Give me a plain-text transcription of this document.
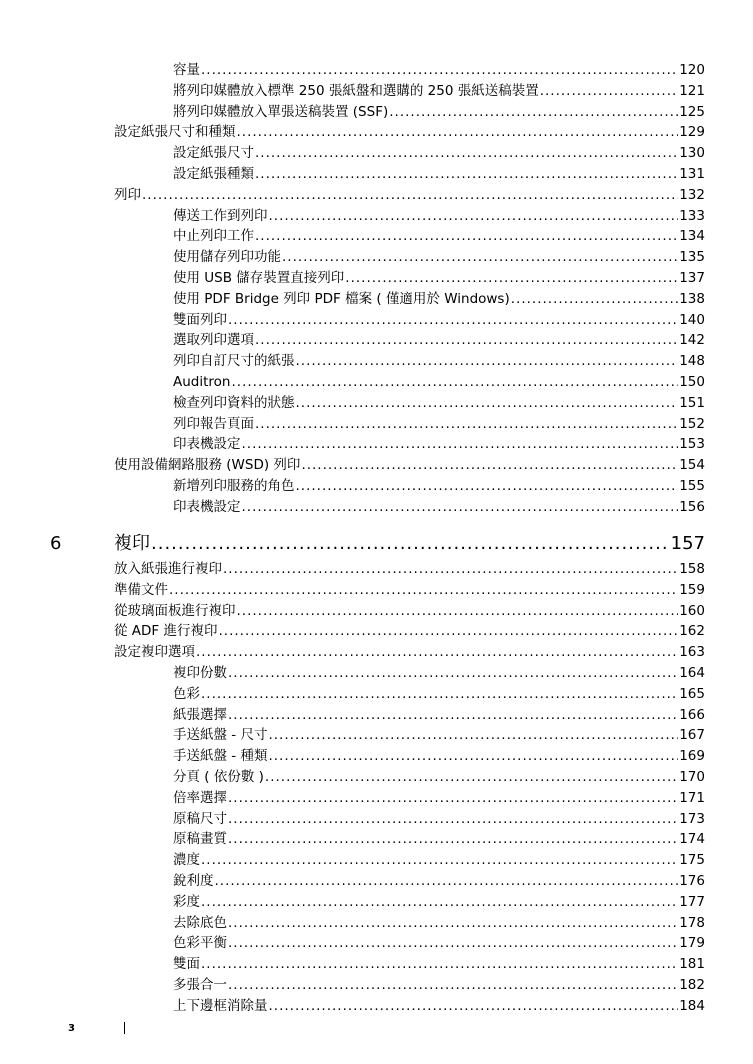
容量 .....	120
將列印媒體放入標準 250 張紙盤和選購的 250 張紙送稿裝置 .....	121
將列印媒體放入單張送稿裝置 (SSF) .....	125
設定紙張尺寸和種類 .....	129
設定紙張尺寸 .....	130
設定紙張種類 .....	131
列印 .....	132
傳送工作到列印 .....	133
中止列印工作 .....	134
使用儲存列印功能 .....	135
使用 USB 儲存裝置直接列印 .....	137
使用 PDF Bridge 列印 PDF 檔案 ( 僅適用於 Windows) .....	138
雙面列印 .....	140
選取列印選項 .....	142
列印自訂尺寸的紙張 .....	148
Auditron .....	150
檢查列印資料的狀態 .....	151
列印報告頁面 .....	152
印表機設定 .....	153
使用設備網路服務 (WSD) 列印 .....	154
新增列印服務的角色 .....	155
印表機設定 .....	156
6	複印 .....	157
放入紙張進行複印 .....	158
準備文件 .....	159
從玻璃面板進行複印 .....	160
從 ADF 進行複印 .....	162
設定複印選項 .....	163
複印份數 .....	164
色彩 .....	165
紙張選擇 .....	166
手送紙盤 - 尺寸 .....	167
手送紙盤 - 種類 .....	169
分頁 ( 依份數 ) .....	170
倍率選擇 .....	171
原稿尺寸 .....	173
原稿畫質 .....	174
濃度 .....	175
銳利度 .....	176
彩度 .....	177
去除底色 .....	178
色彩平衡 .....	179
雙面 .....	181
多張合一 .....	182
上下邊框消除量 .....	184
3
